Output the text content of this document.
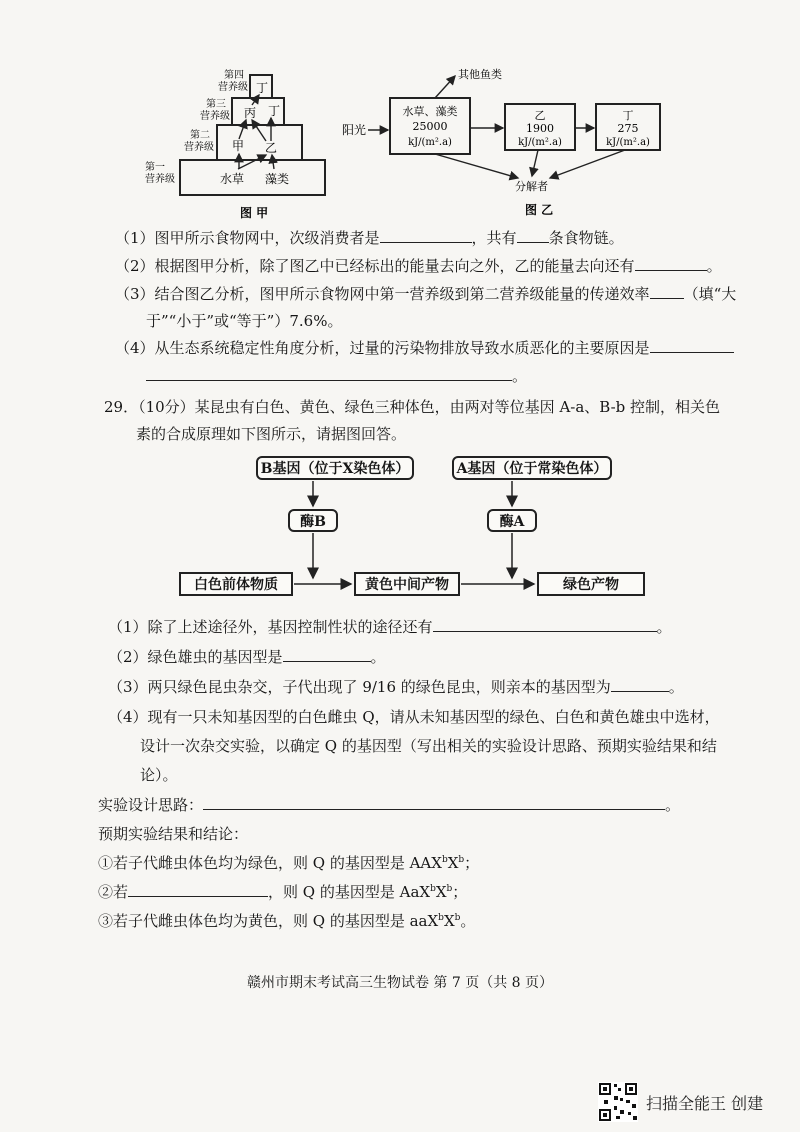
水草 藻类
甲 乙
丙 丁
丁
第一
营养级
第二
营养级
第三
营养级
第四
营养级
图 甲
阳光
水草、藻类
25000
kJ/(m².a)
乙
1900
kJ/(m².a)
丁
275
kJ/(m².a)
其他鱼类
分解者
图 乙
（1）图甲所示食物网中，次级消费者是	，共有 条食物链。
（2）根据图甲分析，除了图乙中已经标出的能量去向之外，乙的能量去向还有	。
（3）结合图乙分析，图甲所示食物网中第一营养级到第二营养级能量的传递效率 （填“大
于”“小于”或“等于”）7.6%。
（4）从生态系统稳定性角度分析，过量的污染物排放导致水质恶化的主要原因是
。
29．（10分）某昆虫有白色、黄色、绿色三种体色，由两对等位基因 A-a、B-b 控制，相关色
素的合成原理如下图所示，请据图回答。
B基因（位于X染色体）	A基因（位于常染色体）
酶B	酶A
白色前体物质	黄色中间产物	绿色产物
（1）除了上述途径外，基因控制性状的途径还有	。
（2）绿色雄虫的基因型是	。
（3）两只绿色昆虫杂交，子代出现了 9/16 的绿色昆虫，则亲本的基因型为	。
（4）现有一只未知基因型的白色雌虫 Q，请从未知基因型的绿色、白色和黄色雄虫中选材，
设计一次杂交实验，以确定 Q 的基因型（写出相关的实验设计思路、预期实验结果和结
论）。
实验设计思路：	。
预期实验结果和结论：
①若子代雌虫体色均为绿色，则 Q 的基因型是 $AAX^bX^b$；
②若	，则 Q 的基因型是 $AaX^bX^b$；
③若子代雌虫体色均为黄色，则 Q 的基因型是 $aaX^bX^b$。
赣州市期末考试高三生物试卷 第 7 页（共 8 页）
扫描全能王 创建
